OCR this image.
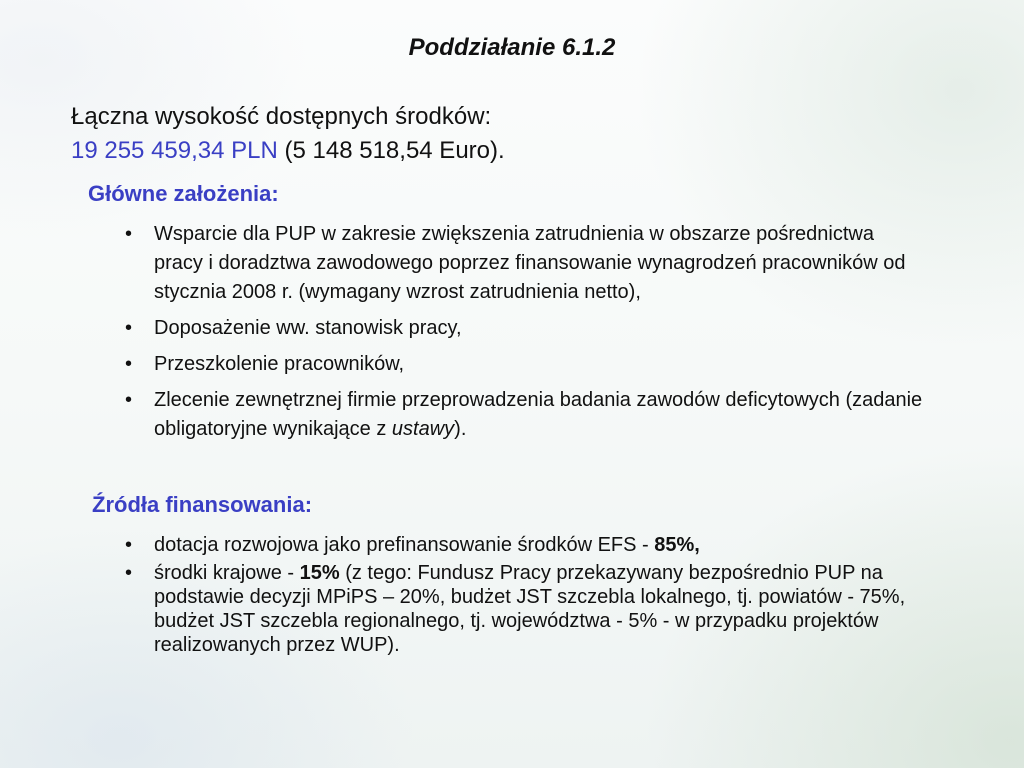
Poddziałanie 6.1.2

Łączna wysokość dostępnych środków:

19 255 459,34 PLN (5 148 518,54 Euro).

Główne założenia:
• Wsparcie dla PUP w zakresie zwiększenia zatrudnienia w obszarze pośrednictwa pracy i doradztwa zawodowego poprzez finansowanie wynagrodzeń pracowników od stycznia 2008 r. (wymagany wzrost zatrudnienia netto),
• Doposażenie ww. stanowisk pracy,
• Przeszkolenie pracowników,
• Zlecenie zewnętrznej firmie przeprowadzenia badania zawodów deficytowych (zadanie obligatoryjne wynikające z ustawy).
Źródła finansowania:
• dotacja rozwojowa jako prefinansowanie środków EFS - 85%,
• środki krajowe - 15% (z tego: Fundusz Pracy przekazywany bezpośrednio PUP na podstawie decyzji MPiPS – 20%, budżet JST szczebla lokalnego, tj. powiatów - 75%, budżet JST szczebla regionalnego, tj. województwa - 5% - w przypadku projektów realizowanych przez WUP).
